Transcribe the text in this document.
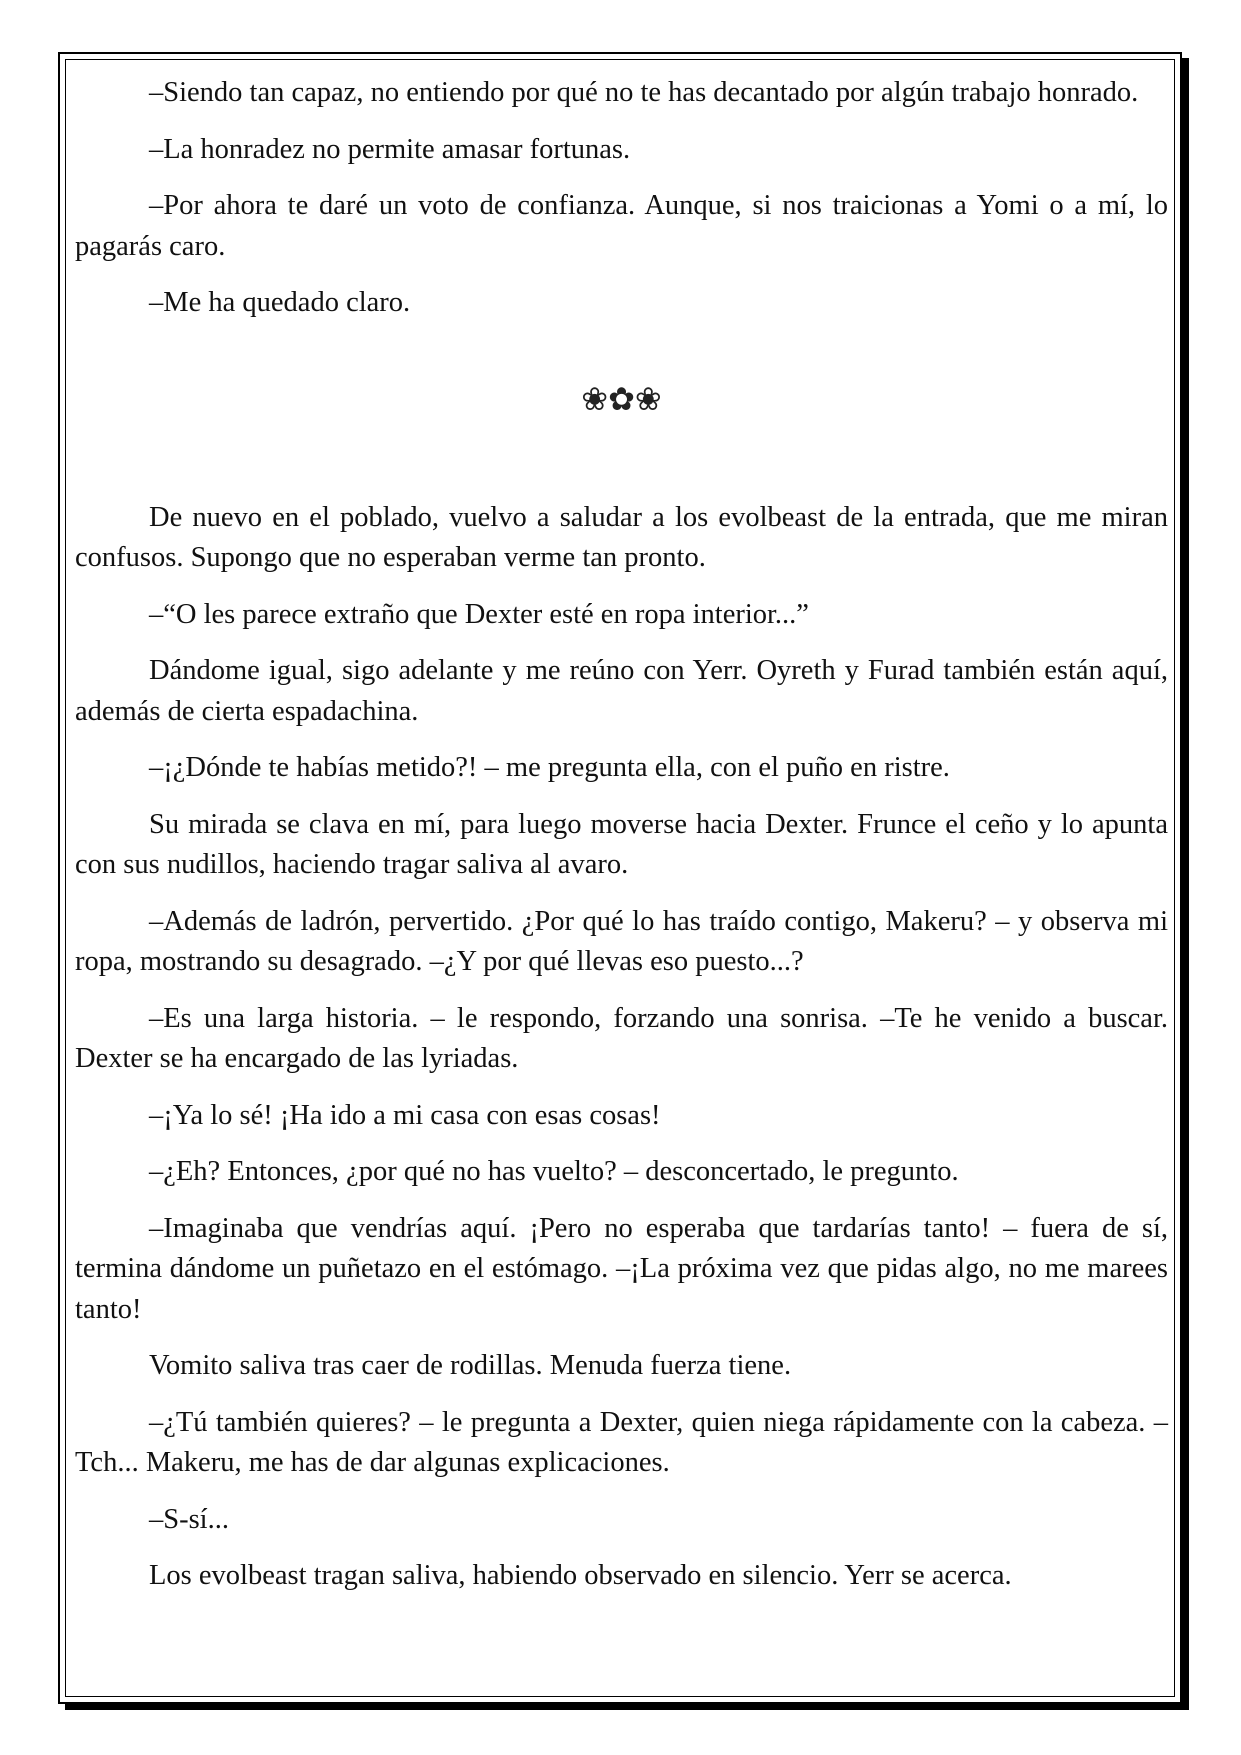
–Siendo tan capaz, no entiendo por qué no te has decantado por algún trabajo honrado.

–La honradez no permite amasar fortunas.

–Por ahora te daré un voto de confianza. Aunque, si nos traicionas a Yomi o a mí, lo pagarás caro.

–Me ha quedado claro.

❀✿❀

De nuevo en el poblado, vuelvo a saludar a los evolbeast de la entrada, que me miran confusos. Supongo que no esperaban verme tan pronto.

–“O les parece extraño que Dexter esté en ropa interior...”

Dándome igual, sigo adelante y me reúno con Yerr. Oyreth y Furad también están aquí, además de cierta espadachina.

–¡¿Dónde te habías metido?! – me pregunta ella, con el puño en ristre.

Su mirada se clava en mí, para luego moverse hacia Dexter. Frunce el ceño y lo apunta con sus nudillos, haciendo tragar saliva al avaro.

–Además de ladrón, pervertido. ¿Por qué lo has traído contigo, Makeru? – y observa mi ropa, mostrando su desagrado. –¿Y por qué llevas eso puesto...?

–Es una larga historia. – le respondo, forzando una sonrisa. –Te he venido a buscar. Dexter se ha encargado de las lyriadas.

–¡Ya lo sé! ¡Ha ido a mi casa con esas cosas!

–¿Eh? Entonces, ¿por qué no has vuelto? – desconcertado, le pregunto.

–Imaginaba que vendrías aquí. ¡Pero no esperaba que tardarías tanto! – fuera de sí, termina dándome un puñetazo en el estómago. –¡La próxima vez que pidas algo, no me marees tanto!

Vomito saliva tras caer de rodillas. Menuda fuerza tiene.

–¿Tú también quieres? – le pregunta a Dexter, quien niega rápidamente con la cabeza. –Tch... Makeru, me has de dar algunas explicaciones.

–S-sí...

Los evolbeast tragan saliva, habiendo observado en silencio. Yerr se acerca.
